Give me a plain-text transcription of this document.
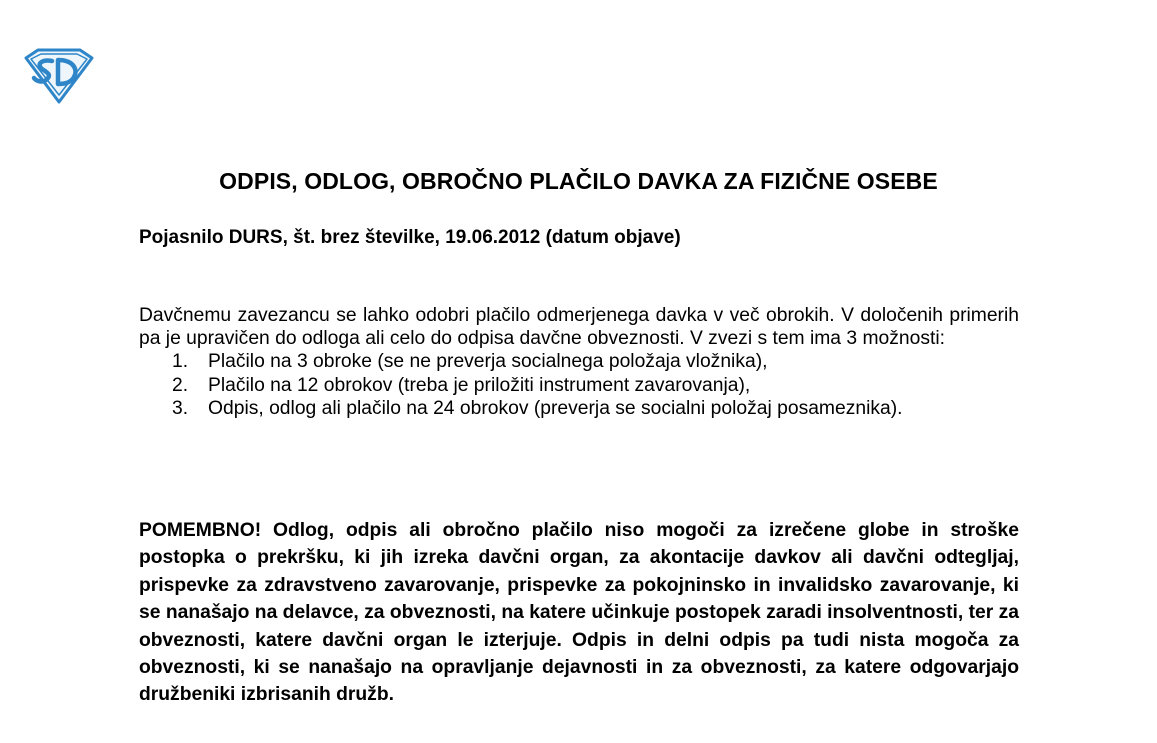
ODPIS, ODLOG, OBROČNO PLAČILO DAVKA ZA FIZIČNE OSEBE

Pojasnilo DURS, št. brez številke, 19.06.2012 (datum objave)

Davčnemu zavezancu se lahko odobri plačilo odmerjenega davka v več obrokih. V določenih primerih pa je upravičen do odloga ali celo do odpisa davčne obveznosti. V zvezi s tem ima 3 možnosti:

1. Plačilo na 3 obroke (se ne preverja socialnega položaja vložnika),
2. Plačilo na 12 obrokov (treba je priložiti instrument zavarovanja),
3. Odpis, odlog ali plačilo na 24 obrokov (preverja se socialni položaj posameznika).

POMEMBNO! Odlog, odpis ali obročno plačilo niso mogoči za izrečene globe in stroške postopka o prekršku, ki jih izreka davčni organ, za akontacije davkov ali davčni odtegljaj, prispevke za zdravstveno zavarovanje, prispevke za pokojninsko in invalidsko zavarovanje, ki se nanašajo na delavce, za obveznosti, na katere učinkuje postopek zaradi insolventnosti, ter za obveznosti, katere davčni organ le izterjuje. Odpis in delni odpis pa tudi nista mogoča za obveznosti, ki se nanašajo na opravljanje dejavnosti in za obveznosti, za katere odgovarjajo družbeniki izbrisanih družb.
